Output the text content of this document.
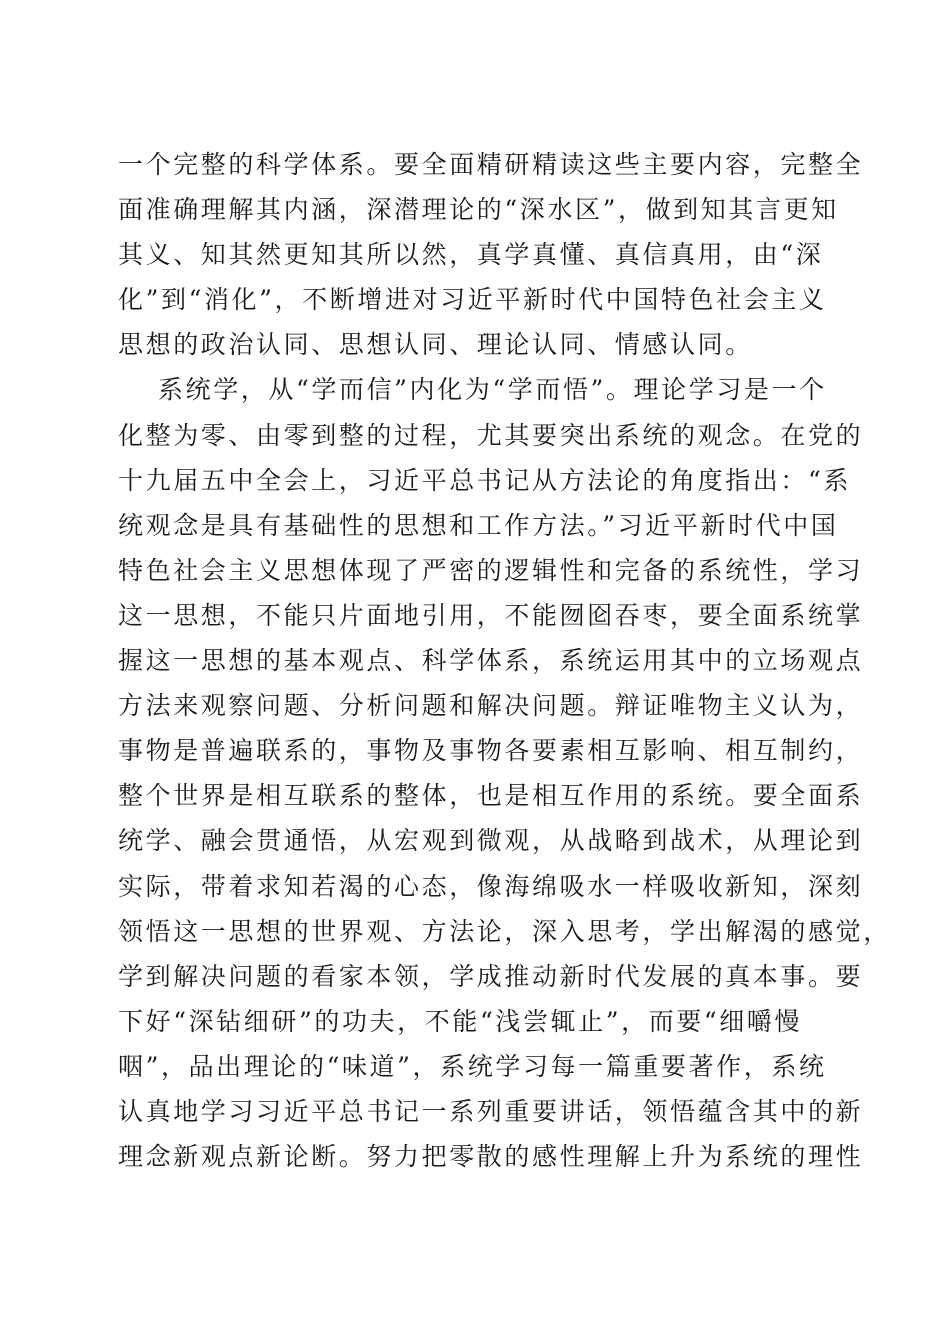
一个完整的科学体系。要全面精研精读这些主要内容，完整全
面准确理解其内涵，深潜理论的“深水区”，做到知其言更知
其义、知其然更知其所以然，真学真懂、真信真用，由“深
化”到“消化”，不断增进对习近平新时代中国特色社会主义
思想的政治认同、思想认同、理论认同、情感认同。
系统学，从“学而信”内化为“学而悟”。理论学习是一个
化整为零、由零到整的过程，尤其要突出系统的观念。在党的
十九届五中全会上，习近平总书记从方法论的角度指出：“系
统观念是具有基础性的思想和工作方法。”习近平新时代中国
特色社会主义思想体现了严密的逻辑性和完备的系统性，学习
这一思想，不能只片面地引用，不能囫囵吞枣，要全面系统掌
握这一思想的基本观点、科学体系，系统运用其中的立场观点
方法来观察问题、分析问题和解决问题。辩证唯物主义认为，
事物是普遍联系的，事物及事物各要素相互影响、相互制约，
整个世界是相互联系的整体，也是相互作用的系统。要全面系
统学、融会贯通悟，从宏观到微观，从战略到战术，从理论到
实际，带着求知若渴的心态，像海绵吸水一样吸收新知，深刻
领悟这一思想的世界观、方法论，深入思考，学出解渴的感觉，
学到解决问题的看家本领，学成推动新时代发展的真本事。要
下好“深钻细研”的功夫，不能“浅尝辄止”，而要“细嚼慢
咽”，品出理论的“味道”，系统学习每一篇重要著作，系统
认真地学习习近平总书记一系列重要讲话，领悟蕴含其中的新
理念新观点新论断。努力把零散的感性理解上升为系统的理性
